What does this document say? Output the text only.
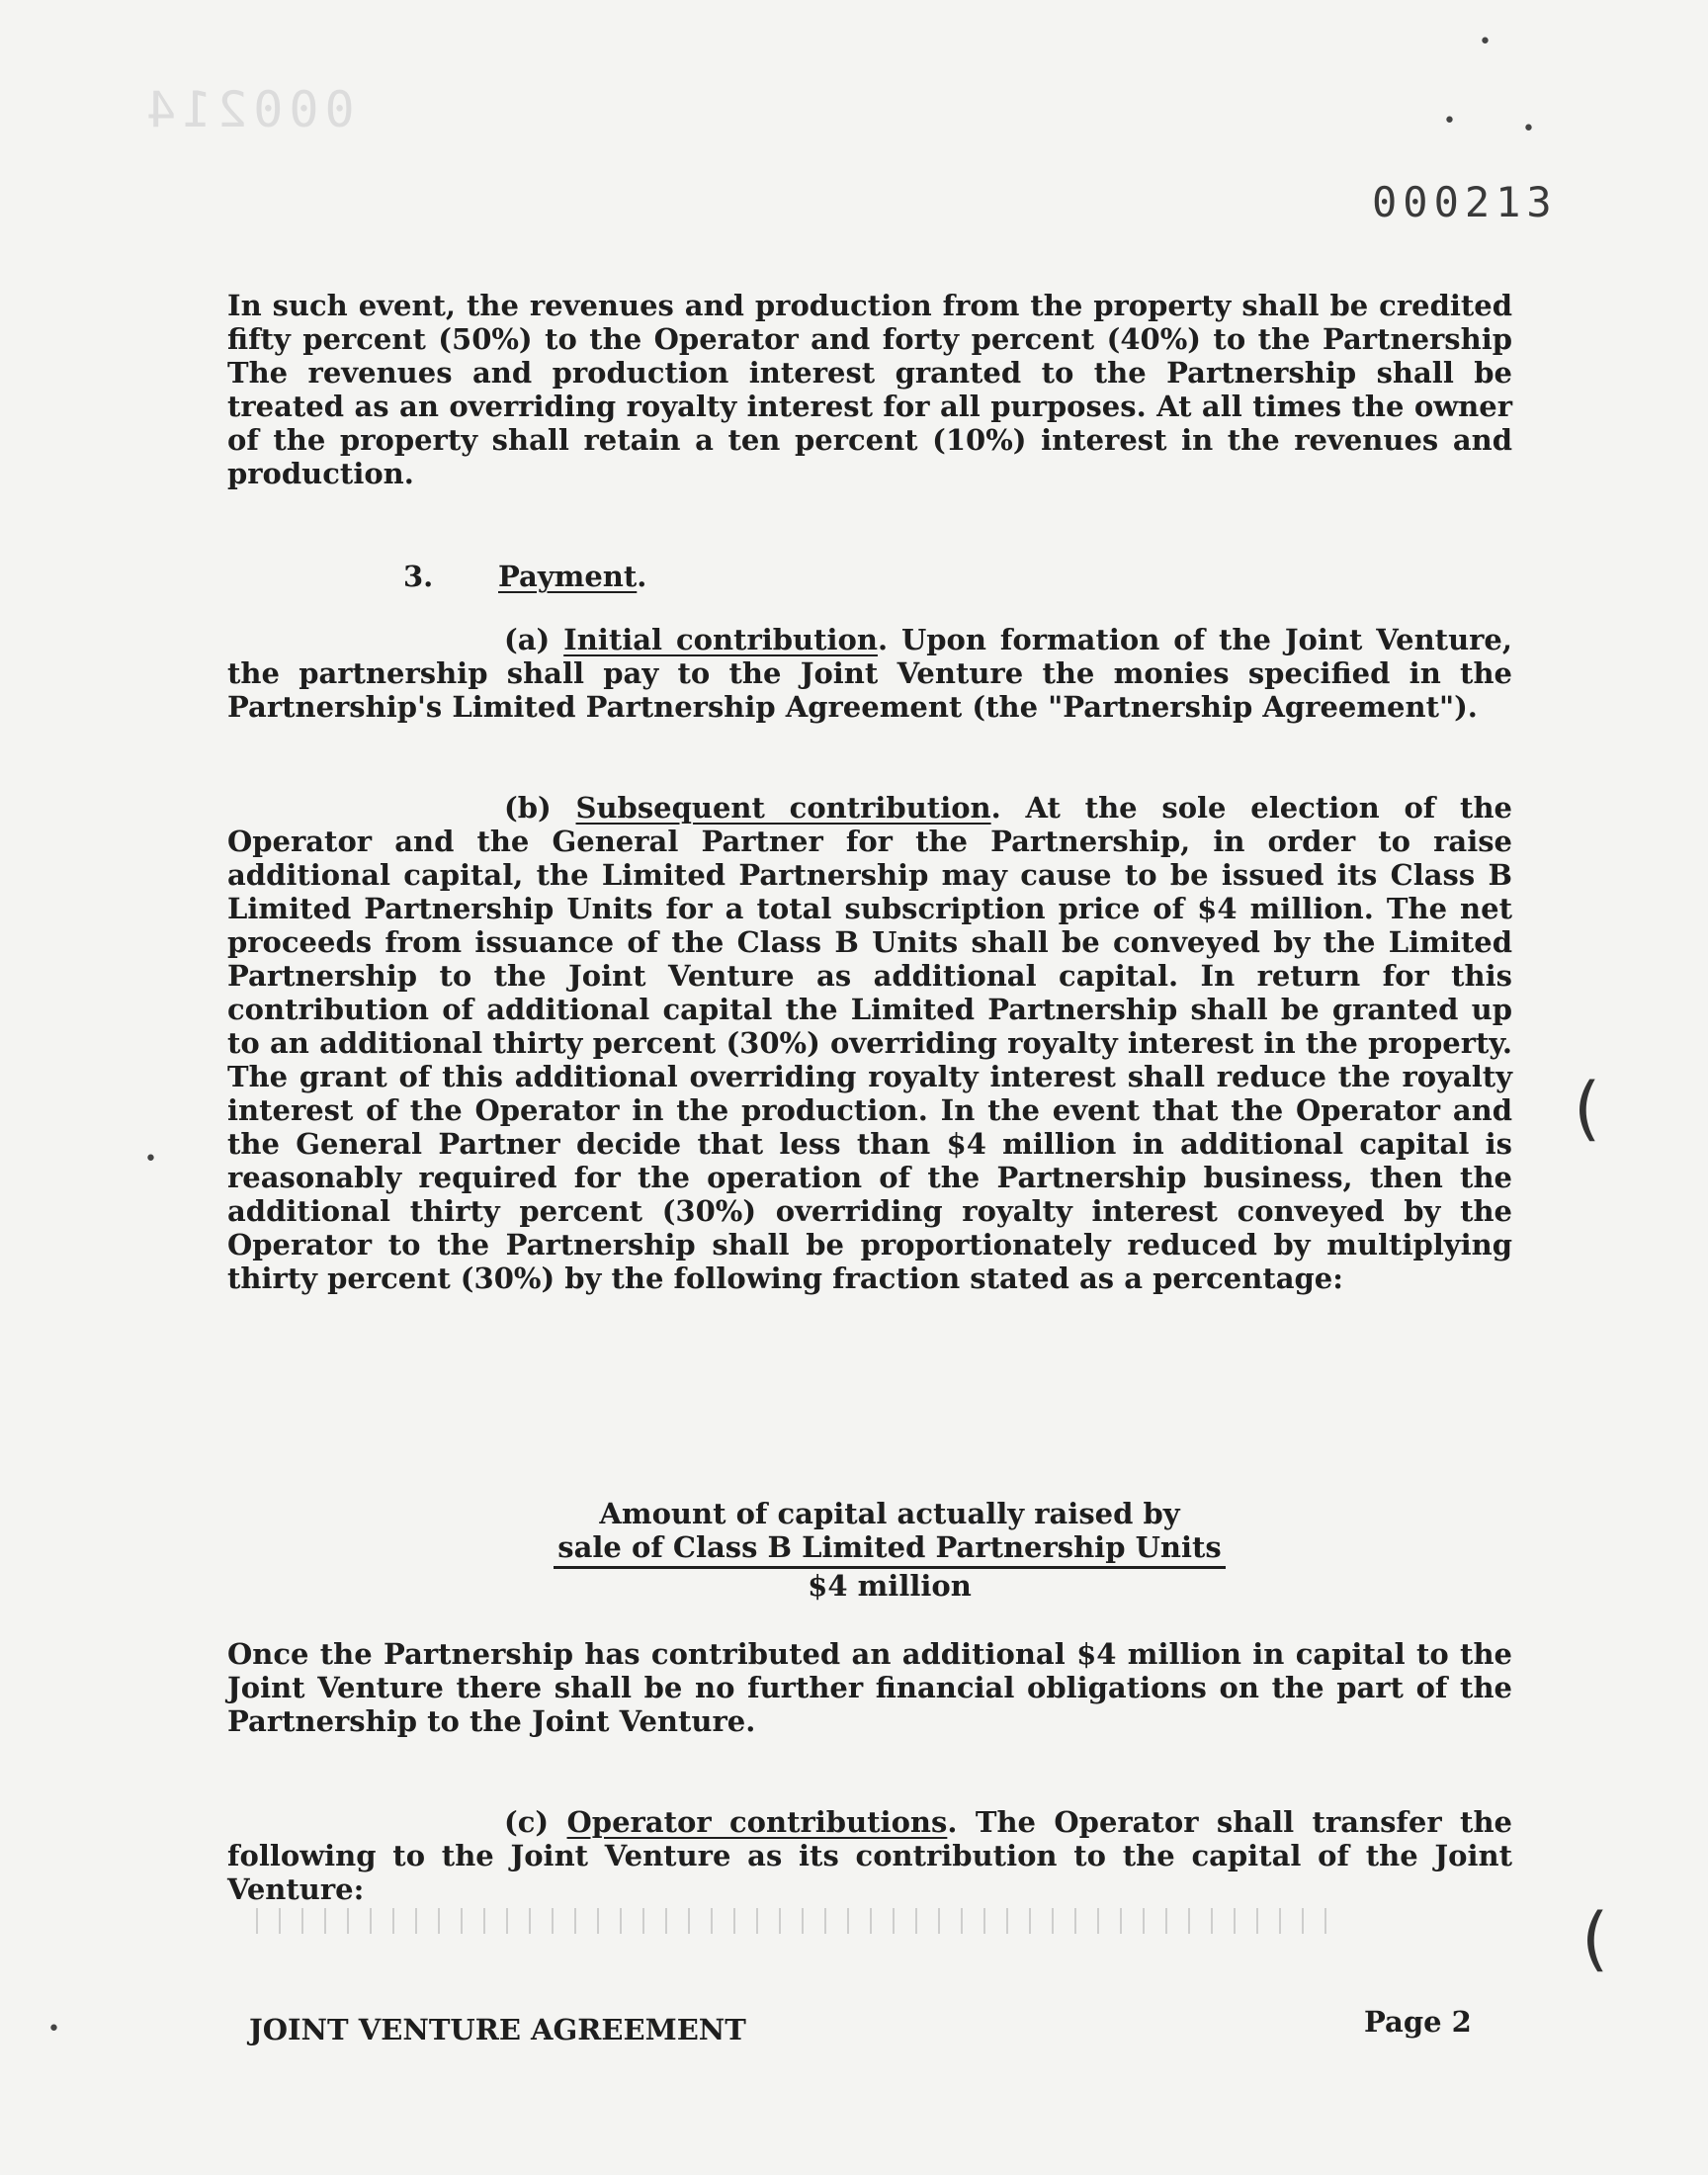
000214
000213

In such event, the revenues and production from the property shall be credited fifty percent (50%) to the Operator and forty percent (40%) to the Partnership The revenues and production interest granted to the Partnership shall be treated as an overriding royalty interest for all purposes. At all times the owner of the property shall retain a ten percent (10%) interest in the revenues and production.

3. Payment.

(a) Initial contribution. Upon formation of the Joint Venture, the partnership shall pay to the Joint Venture the monies specified in the Partnership's Limited Partnership Agreement (the "Partnership Agreement").

(b) Subsequent contribution. At the sole election of the Operator and the General Partner for the Partnership, in order to raise additional capital, the Limited Partnership may cause to be issued its Class B Limited Partnership Units for a total subscription price of $4 million. The net proceeds from issuance of the Class B Units shall be conveyed by the Limited Partnership to the Joint Venture as additional capital. In return for this contribution of additional capital the Limited Partnership shall be granted up to an additional thirty percent (30%) overriding royalty interest in the property. The grant of this additional overriding royalty interest shall reduce the royalty interest of the Operator in the production. In the event that the Operator and the General Partner decide that less than $4 million in additional capital is reasonably required for the operation of the Partnership business, then the additional thirty percent (30%) overriding royalty interest conveyed by the Operator to the Partnership shall be proportionately reduced by multiplying thirty percent (30%) by the following fraction stated as a percentage:

Amount of capital actually raised by
sale of Class B Limited Partnership Units
$4 million

Once the Partnership has contributed an additional $4 million in capital to the Joint Venture there shall be no further financial obligations on the part of the Partnership to the Joint Venture.

(c) Operator contributions. The Operator shall transfer the following to the Joint Venture as its contribution to the capital of the Joint Venture:

(
(
•	•
•
•
•	JOINT VENTURE AGREEMENT	Page 2
